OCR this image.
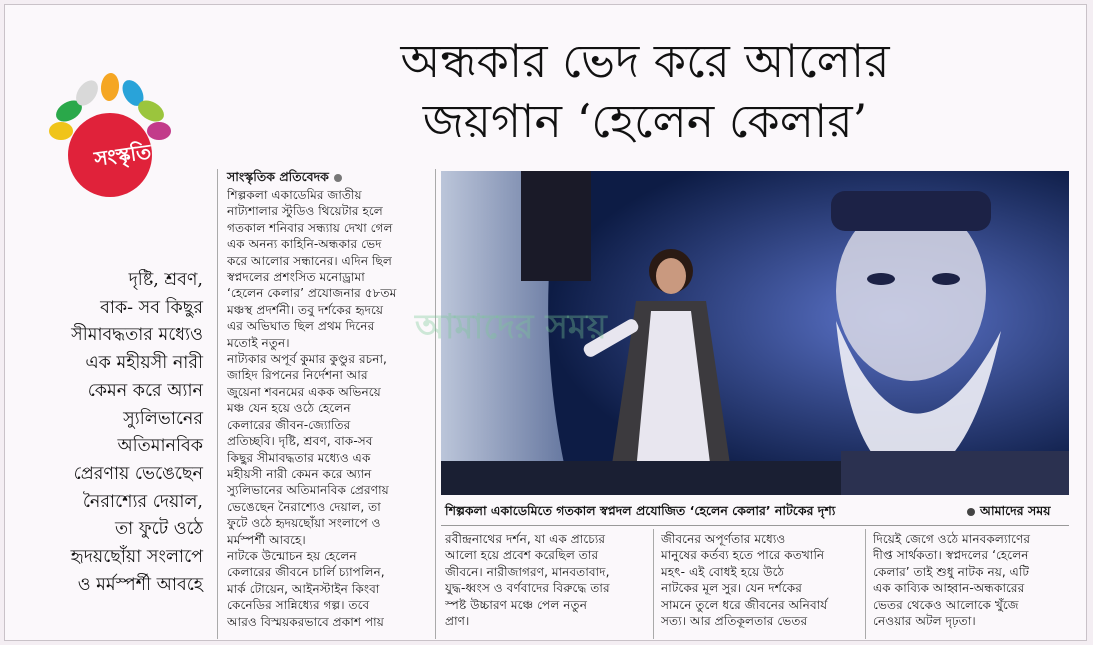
সংস্কৃতি
অন্ধকার ভেদ করে আলোর
জয়গান ‘হেলেন কেলার’
দৃষ্টি, শ্রবণ,
বাক- সব কিছুর
সীমাবদ্ধতার মধ্যেও
এক মহীয়সী নারী
কেমন করে অ্যান
স্যুলিভানের
অতিমানবিক
প্রেরণায় ভেঙেছেন
নৈরাশ্যের দেয়াল,
তা ফুটে ওঠে
হৃদয়ছোঁয়া সংলাপে
ও মর্মস্পর্শী আবহে
সাংস্কৃতিক প্রতিবেদক
শিল্পকলা একাডেমির জাতীয়
নাট্যশালার স্টুডিও থিয়েটার হলে
গতকাল শনিবার সন্ধ্যায় দেখা গেল
এক অনন্য কাহিনি-অন্ধকার ভেদ
করে আলোর সন্ধানের। এদিন ছিল
স্বপ্নদলের প্রশংসিত মনোড্রামা
‘হেলেন কেলার’ প্রযোজনার ৫৮তম
মঞ্চস্থ প্রদর্শনী। তবু দর্শকের হৃদয়ে
এর অভিঘাত ছিল প্রথম দিনের
মতোই নতুন।
নাট্যকার অপূর্ব কুমার কুণ্ডুর রচনা,
জাহিদ রিপনের নির্দেশনা আর
জুয়েনা শবনমের একক অভিনয়ে
মঞ্চ যেন হয়ে ওঠে হেলেন
কেলারের জীবন-জ্যোতির
প্রতিচ্ছবি। দৃষ্টি, শ্রবণ, বাক-সব
কিছুর সীমাবদ্ধতার মধ্যেও এক
মহীয়সী নারী কেমন করে অ্যান
স্যুলিভানের অতিমানবিক প্রেরণায়
ভেঙেছেন নৈরাশ্যেও দেয়াল, তা
ফুটে ওঠে হৃদয়ছোঁয়া সংলাপে ও
মর্মস্পর্শী আবহে।
নাটকে উন্মোচন হয় হেলেন
কেলারের জীবনে চার্লি চ্যাপলিন,
মার্ক টোয়েন, আইনস্টাইন কিংবা
কেনেডির সান্নিধ্যের গল্প। তবে
আরও বিস্ময়করভাবে প্রকাশ পায়
আমাদের সময়
শিল্পকলা একাডেমিতে গতকাল স্বপ্নদল প্রযোজিত ‘হেলেন কেলার’ নাটকের দৃশ্য	আমাদের সময়
রবীন্দ্রনাথের দর্শন, যা এক প্রাচ্যের
আলো হয়ে প্রবেশ করেছিল তার
জীবনে। নারীজাগরণ, মানবতাবাদ,
যুদ্ধ-ধ্বংস ও বর্ণবাদের বিরুদ্ধে তার
স্পষ্ট উচ্চারণ মঞ্চে পেল নতুন
প্রাণ।
জীবনের অপূর্ণতার মধ্যেও
মানুষের কর্তব্য হতে পারে কতখানি
মহৎ- এই বোধই হয়ে উঠে
নাটকের মূল সুর। যেন দর্শকের
সামনে তুলে ধরে জীবনের অনিবার্য
সত্য। আর প্রতিকূলতার ভেতর
দিয়েই জেগে ওঠে মানবকল্যাণের
দীপ্ত সার্থকতা। স্বপ্নদলের ‘হেলেন
কেলার’ তাই শুধু নাটক নয়, এটি
এক কাব্যিক আহ্বান-অন্ধকারের
ভেতর থেকেও আলোকে খুঁজে
নেওয়ার অটল দৃঢ়তা।
